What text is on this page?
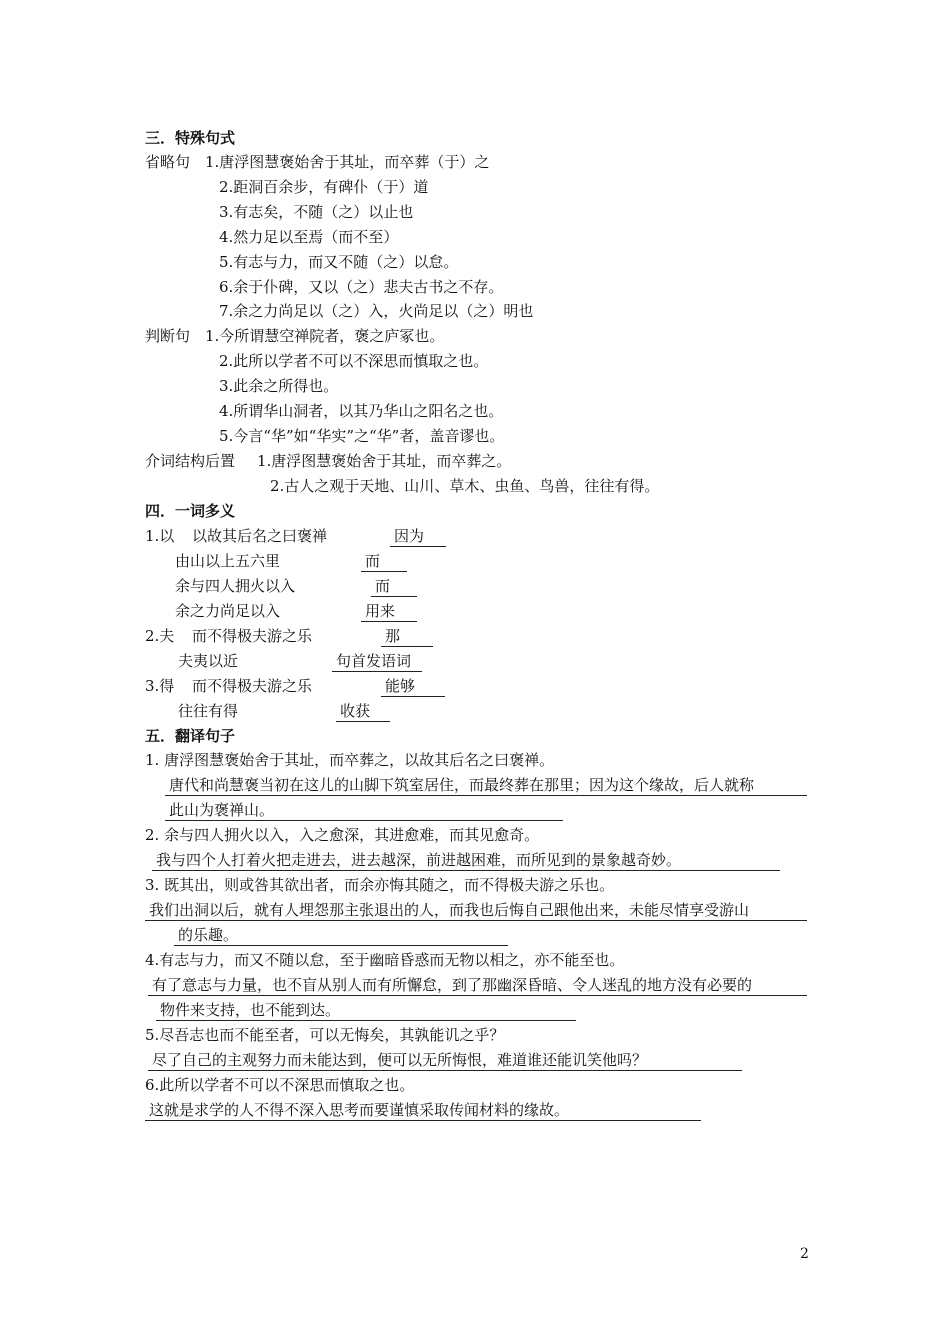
三．特殊句式
省略句 1.唐浮图慧褒始舍于其址，而卒葬（于）之
2.距洞百余步，有碑仆（于）道
3.有志矣，不随（之）以止也
4.然力足以至焉（而不至）
5.有志与力，而又不随（之）以怠。
6.余于仆碑，又以（之）悲夫古书之不存。
7.余之力尚足以（之）入，火尚足以（之）明也
判断句 1.今所谓慧空禅院者，褒之庐冢也。
2.此所以学者不可以不深思而慎取之也。
3.此余之所得也。
4.所谓华山洞者，以其乃华山之阳名之也。
5.今言“华”如“华实”之“华”者，盖音谬也。
介词结构后置 1.唐浮图慧褒始舍于其址，而卒葬之。
2.古人之观于天地、山川、草木、虫鱼、鸟兽，往往有得。
四．一词多义
1.以 以故其后名之曰褒禅	因为
由山以上五六里	而
余与四人拥火以入	而
余之力尚足以入	用来
2.夫 而不得极夫游之乐	那
夫夷以近	句首发语词
3.得 而不得极夫游之乐	能够
往往有得	收获
五．翻译句子
1. 唐浮图慧褒始舍于其址，而卒葬之，以故其后名之曰褒禅。
唐代和尚慧褒当初在这儿的山脚下筑室居住，而最终葬在那里；因为这个缘故，后人就称
此山为褒禅山。
2. 余与四人拥火以入，入之愈深，其进愈难，而其见愈奇。
我与四个人打着火把走进去，进去越深，前进越困难，而所见到的景象越奇妙。
3. 既其出，则或咎其欲出者，而余亦悔其随之，而不得极夫游之乐也。
我们出洞以后，就有人埋怨那主张退出的人，而我也后悔自己跟他出来，未能尽情享受游山
的乐趣。
4.有志与力，而又不随以怠，至于幽暗昏惑而无物以相之，亦不能至也。
有了意志与力量，也不盲从别人而有所懈怠，到了那幽深昏暗、令人迷乱的地方没有必要的
物件来支持，也不能到达。
5.尽吾志也而不能至者，可以无悔矣，其孰能讥之乎？
尽了自己的主观努力而未能达到，便可以无所悔恨，难道谁还能讥笑他吗？
6.此所以学者不可以不深思而慎取之也。
这就是求学的人不得不深入思考而要谨慎采取传闻材料的缘故。
2
